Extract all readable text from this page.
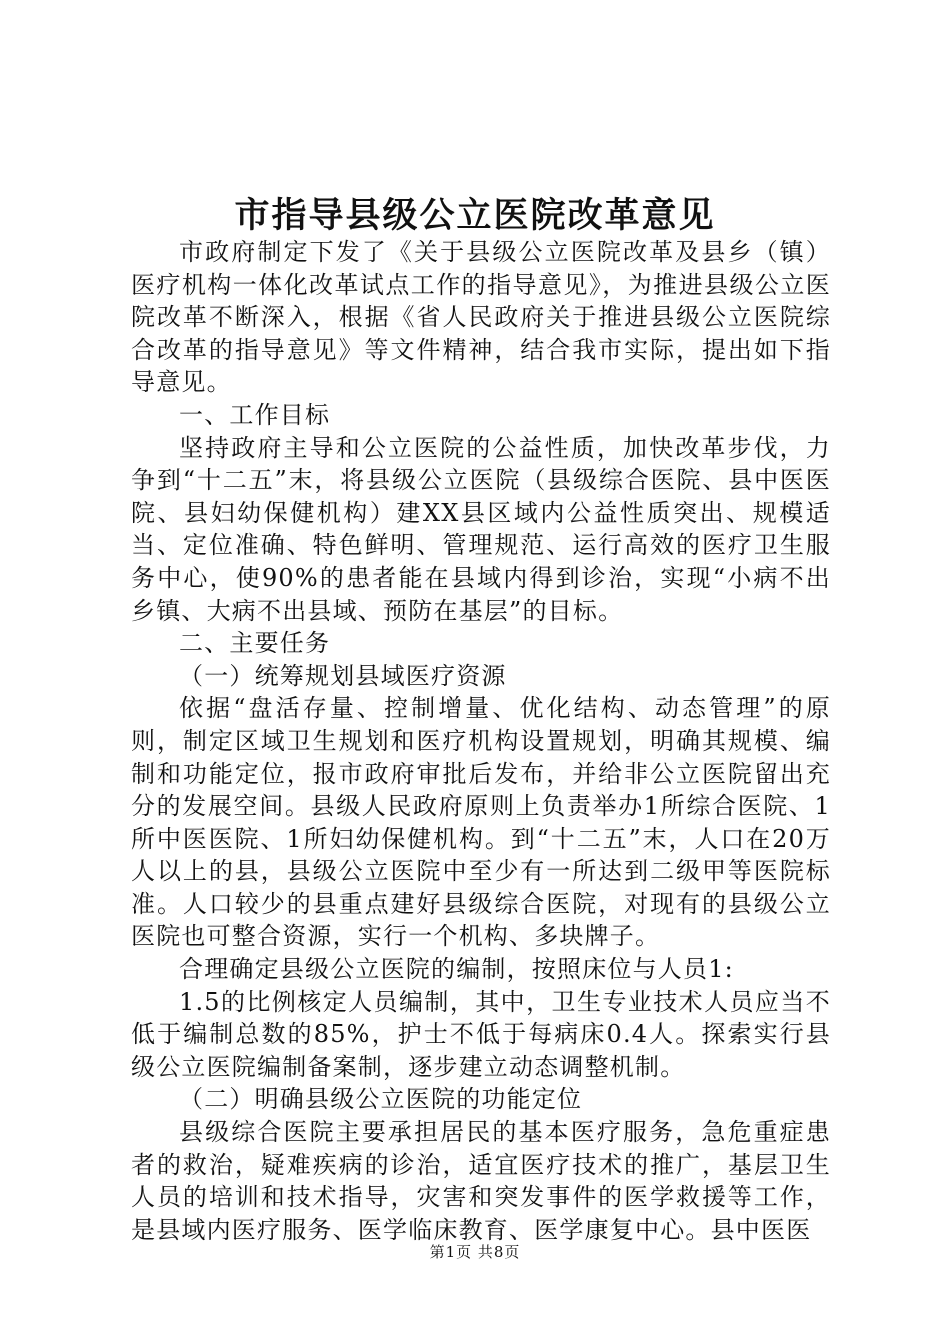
市指导县级公立医院改革意见

市政府制定下发了《关于县级公立医院改革及县乡（镇）医疗机构一体化改革试点工作的指导意见》，为推进县级公立医院改革不断深入，根据《省人民政府关于推进县级公立医院综合改革的指导意见》等文件精神，结合我市实际，提出如下指导意见。

一、工作目标

坚持政府主导和公立医院的公益性质，加快改革步伐，力争到“十二五”末，将县级公立医院（县级综合医院、县中医医院、县妇幼保健机构）建XX县区域内公益性质突出、规模适当、定位准确、特色鲜明、管理规范、运行高效的医疗卫生服务中心，使90%的患者能在县域内得到诊治，实现“小病不出乡镇、大病不出县域、预防在基层”的目标。

二、主要任务

（一）统筹规划县域医疗资源

依据“盘活存量、控制增量、优化结构、动态管理”的原则，制定区域卫生规划和医疗机构设置规划，明确其规模、编制和功能定位，报市政府审批后发布，并给非公立医院留出充分的发展空间。县级人民政府原则上负责举办1所综合医院、1所中医医院、1所妇幼保健机构。到“十二五”末，人口在20万人以上的县，县级公立医院中至少有一所达到二级甲等医院标准。人口较少的县重点建好县级综合医院，对现有的县级公立医院也可整合资源，实行一个机构、多块牌子。

合理确定县级公立医院的编制，按照床位与人员1:

1.5的比例核定人员编制，其中，卫生专业技术人员应当不低于编制总数的85%，护士不低于每病床0.4人。探索实行县级公立医院编制备案制，逐步建立动态调整机制。

（二）明确县级公立医院的功能定位

县级综合医院主要承担居民的基本医疗服务，急危重症患者的救治，疑难疾病的诊治，适宜医疗技术的推广，基层卫生人员的培训和技术指导，灾害和突发事件的医学救援等工作，是县域内医疗服务、医学临床教育、医学康复中心。县中医医

第1页 共8页
